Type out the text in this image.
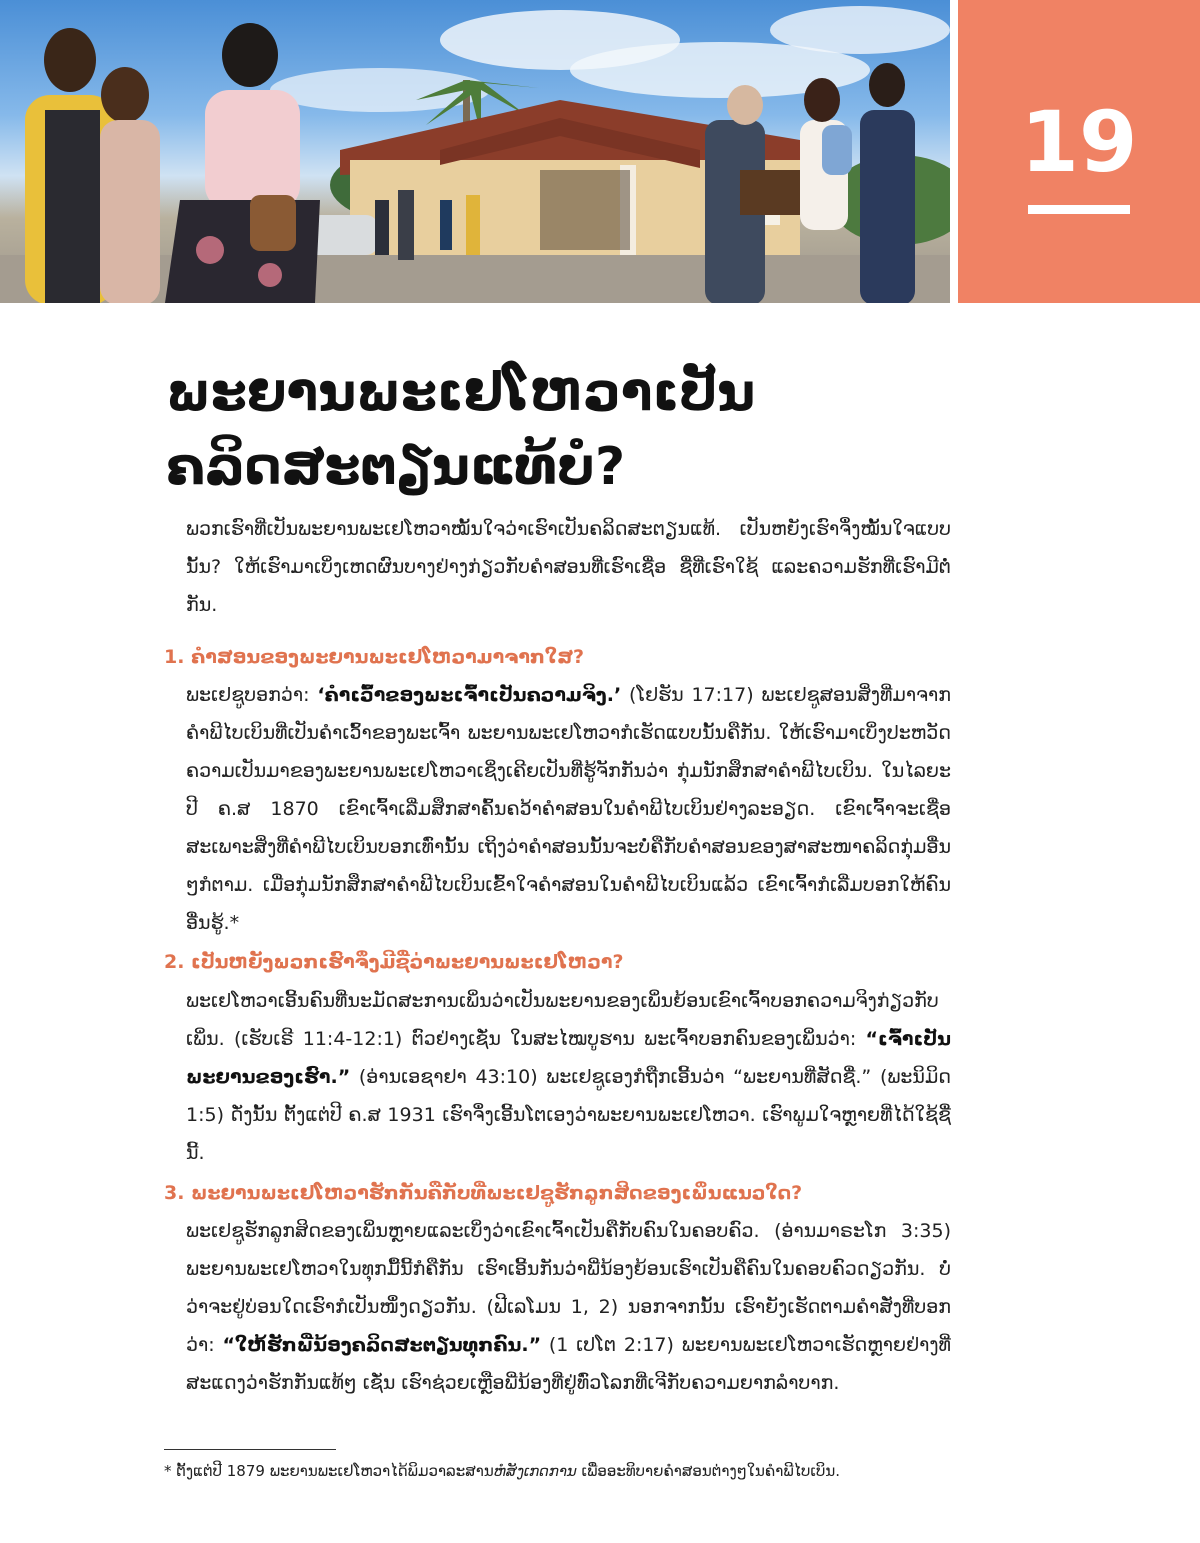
19
ພະຍານພະເຢໂຫວາເປັນ
ຄລິດສະຕຽນແທ້ບໍ?
ພວກເຮົາທີ່ເປັນພະຍານພະເຢໂຫວາໝັ້ນໃຈວ່າເຮົາເປັນຄລິດສະຕຽນແທ້. ເປັນຫຍັງເຮົາຈຶ່ງໝັ້ນໃຈແບບນັ້ນ? ໃຫ້ເຮົາມາເບິ່ງເຫດຜົນບາງຢ່າງກ່ຽວກັບຄຳສອນທີ່ເຮົາເຊື່ອ ຊື່ທີ່ເຮົາໃຊ້ ແລະຄວາມຮັກທີ່ເຮົາມີຕໍ່ກັນ.
1. ຄຳສອນຂອງພະຍານພະເຢໂຫວາມາຈາກໃສ?
ພະເຢຊູບອກວ່າ: ‘ຄຳເວົ້າຂອງພະເຈົ້າເປັນຄວາມຈິງ.’ (ໂຢຮັນ 17:17) ພະເຢຊູສອນສິ່ງທີ່ມາຈາກຄຳພີໄບເບິນທີ່ເປັນຄຳເວົ້າຂອງພະເຈົ້າ ພະຍານພະເຢໂຫວາກໍເຮັດແບບນັ້ນຄືກັນ. ໃຫ້ເຮົາມາເບິ່ງປະຫວັດຄວາມເປັນມາຂອງພະຍານພະເຢໂຫວາເຊິ່ງເຄີຍເປັນທີ່ຮູ້ຈັກກັນວ່າ ກຸ່ມນັກສຶກສາຄຳພີໄບເບິນ. ໃນໄລຍະປີ ຄ.ສ 1870 ເຂົາເຈົ້າເລີ່ມສຶກສາຄົ້ນຄວ້າຄຳສອນໃນຄຳພີໄບເບິນຢ່າງລະອຽດ. ເຂົາເຈົ້າຈະເຊື່ອສະເພາະສິ່ງທີ່ຄຳພີໄບເບິນບອກເທົ່ານັ້ນ ເຖິງວ່າຄຳສອນນັ້ນຈະບໍ່ຄືກັບຄຳສອນຂອງສາສະໜາຄລິດກຸ່ມອື່ນໆກໍຕາມ. ເມື່ອກຸ່ມນັກສຶກສາຄຳພີໄບເບິນເຂົ້າໃຈຄຳສອນໃນຄຳພີໄບເບິນແລ້ວ ເຂົາເຈົ້າກໍເລີ່ມບອກໃຫ້ຄົນອື່ນຮູ້.*
2. ເປັນຫຍັງພວກເຮົາຈຶ່ງມີຊື່ວ່າພະຍານພະເຢໂຫວາ?
ພະເຢໂຫວາເອີ້ນຄົນທີ່ນະມັດສະການເພິ່ນວ່າເປັນພະຍານຂອງເພິ່ນຍ້ອນເຂົາເຈົ້າບອກຄວາມຈິງກ່ຽວກັບເພິ່ນ. (ເຮັບເຣີ 11:4-12:1) ຕົວຢ່າງເຊັ່ນ ໃນສະໄໝບູຮານ ພະເຈົ້າບອກຄົນຂອງເພິ່ນວ່າ: “ເຈົ້າເປັນພະຍານຂອງເຮົາ.” (ອ່ານເອຊາຢາ 43:10) ພະເຢຊູເອງກໍຖືກເອີ້ນວ່າ “ພະຍານທີ່ສັດຊື່.” (ພະນິມິດ 1:5) ດັ່ງນັ້ນ ຕັ້ງແຕ່ປີ ຄ.ສ 1931 ເຮົາຈຶ່ງເອີ້ນໂຕເອງວ່າພະຍານພະເຢໂຫວາ. ເຮົາພູມໃຈຫຼາຍທີ່ໄດ້ໃຊ້ຊື່ນີ້.
3. ພະຍານພະເຢໂຫວາຮັກກັນຄືກັບທີ່ພະເຢຊູຮັກລູກສິດຂອງເພິ່ນແນວໃດ?
ພະເຢຊູຮັກລູກສິດຂອງເພິ່ນຫຼາຍແລະເບິ່ງວ່າເຂົາເຈົ້າເປັນຄືກັບຄົນໃນຄອບຄົວ. (ອ່ານມາຣະໂກ 3:35) ພະຍານພະເຢໂຫວາໃນທຸກມື້ນີ້ກໍຄືກັນ ເຮົາເອີ້ນກັນວ່າພີ່ນ້ອງຍ້ອນເຮົາເປັນຄືຄົນໃນຄອບຄົວດຽວກັນ. ບໍ່ວ່າຈະຢູ່ບ່ອນໃດເຮົາກໍເປັນໜຶ່ງດຽວກັນ. (ຟີເລໂມນ 1, 2) ນອກຈາກນັ້ນ ເຮົາຍັງເຮັດຕາມຄຳສັ່ງທີ່ບອກວ່າ: “ໃຫ້ຮັກພີ່ນ້ອງຄລິດສະຕຽນທຸກຄົນ.” (1 ເປໂຕ 2:17) ພະຍານພະເຢໂຫວາເຮັດຫຼາຍຢ່າງທີ່ສະແດງວ່າຮັກກັນແທ້ໆ ເຊັ່ນ ເຮົາຊ່ວຍເຫຼືອພີ່ນ້ອງທີ່ຢູ່ທົ່ວໂລກທີ່ເຈີກັບຄວາມຍາກລຳບາກ.
* ຕັ້ງແຕ່ປີ 1879 ພະຍານພະເຢໂຫວາໄດ້ພິມວາລະສານຫໍສັງເກດການ ເພື່ອອະທິບາຍຄຳສອນຕ່າງໆໃນຄຳພີໄບເບິນ.
